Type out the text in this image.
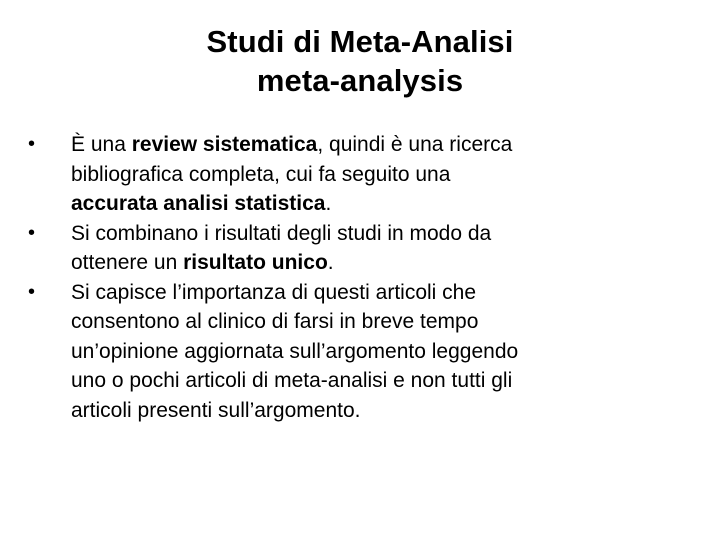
Studi di Meta-Analisi
meta-analysis
•	È una review sistematica, quindi è una ricerca
bibliografica completa, cui fa seguito una
accurata analisi statistica.
•	Si combinano i risultati degli studi in modo da
ottenere un risultato unico.
•	Si capisce l’importanza di questi articoli che
consentono al clinico di farsi in breve tempo
un’opinione aggiornata sull’argomento leggendo
uno o pochi articoli di meta-analisi e non tutti gli
articoli presenti sull’argomento.
